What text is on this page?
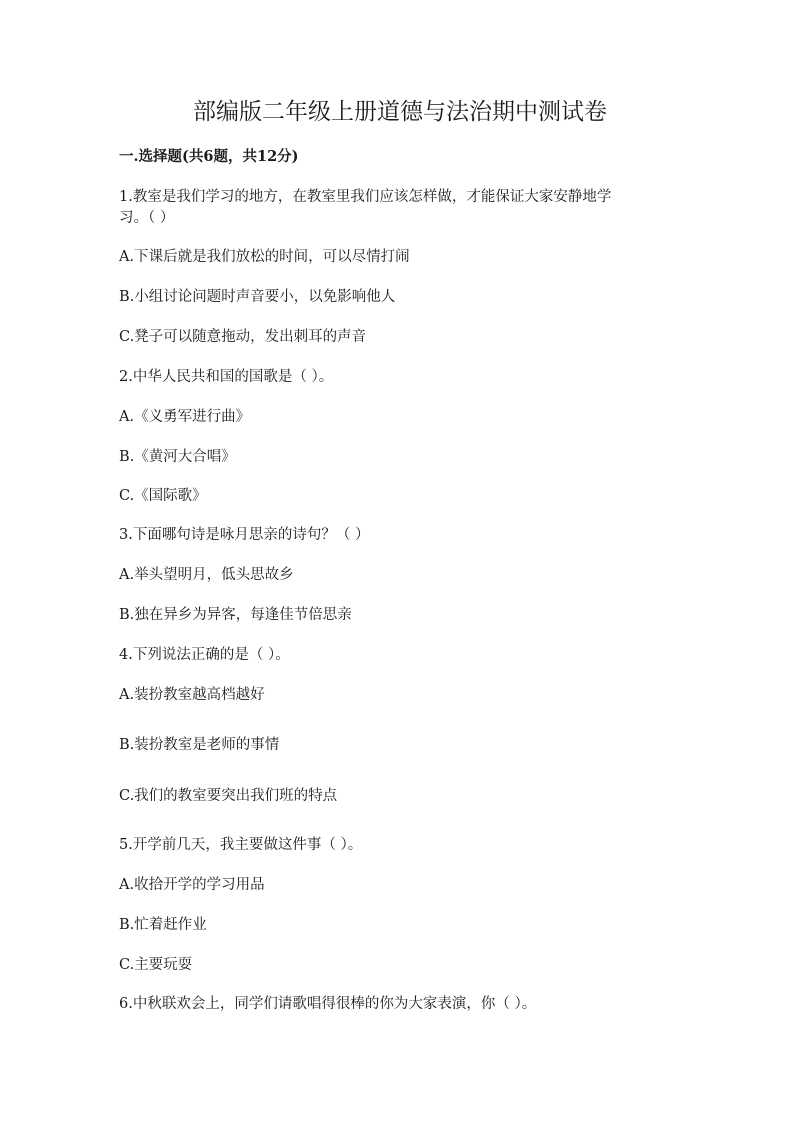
部编版二年级上册道德与法治期中测试卷
一.选择题(共6题，共12分)

1.教室是我们学习的地方，在教室里我们应该怎样做，才能保证大家安静地学

习。（ ）

A.下课后就是我们放松的时间，可以尽情打闹

B.小组讨论问题时声音要小，以免影响他人

C.凳子可以随意拖动，发出刺耳的声音

2.中华人民共和国的国歌是（ ）。

A.《义勇军进行曲》

B.《黄河大合唱》

C.《国际歌》

3.下面哪句诗是咏月思亲的诗句？（ ）

A.举头望明月，低头思故乡

B.独在异乡为异客，每逢佳节倍思亲

4.下列说法正确的是（ ）。

A.装扮教室越高档越好

B.装扮教室是老师的事情

C.我们的教室要突出我们班的特点

5.开学前几天，我主要做这件事（ ）。

A.收拾开学的学习用品

B.忙着赶作业

C.主要玩耍

6.中秋联欢会上，同学们请歌唱得很棒的你为大家表演，你（ ）。
